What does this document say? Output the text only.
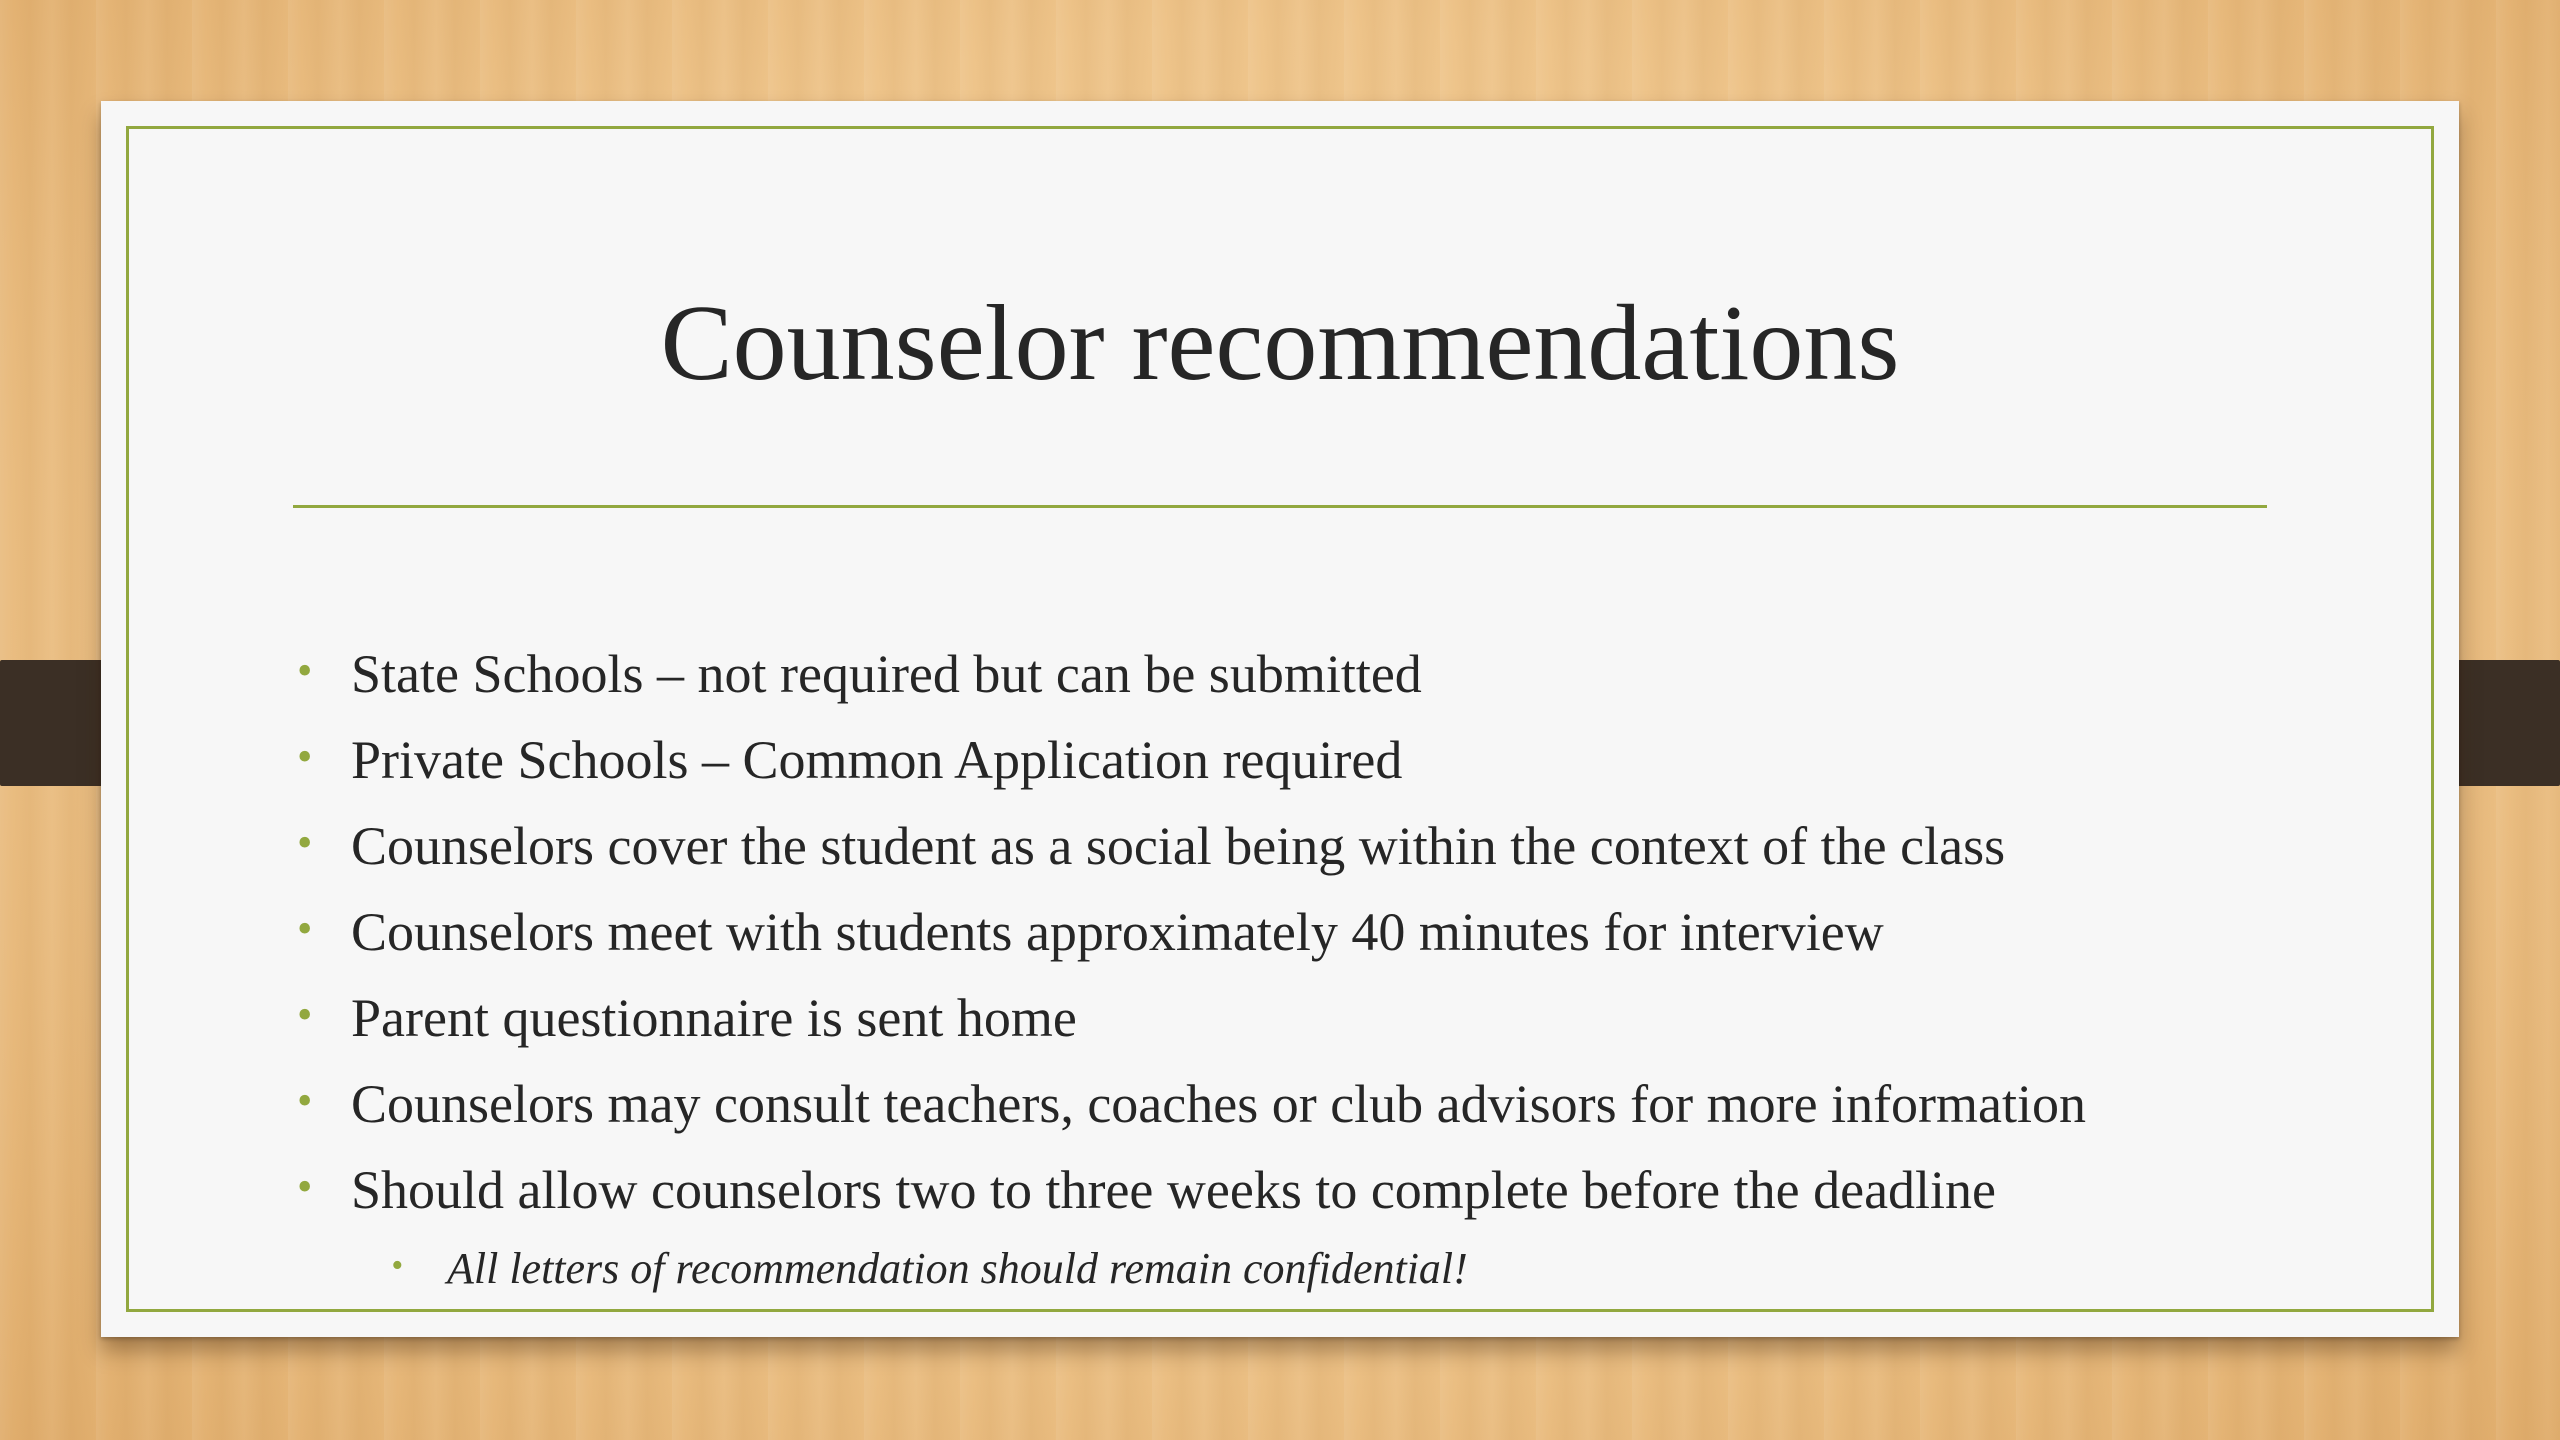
Counselor recommendations
• State Schools – not required but can be submitted
• Private Schools – Common Application required
• Counselors cover the student as a social being within the context of the class
• Counselors meet with students approximately 40 minutes for interview
• Parent questionnaire is sent home
• Counselors may consult teachers, coaches or club advisors for more information
• Should allow counselors two to three weeks to complete before the deadline
• All letters of recommendation should remain confidential!
